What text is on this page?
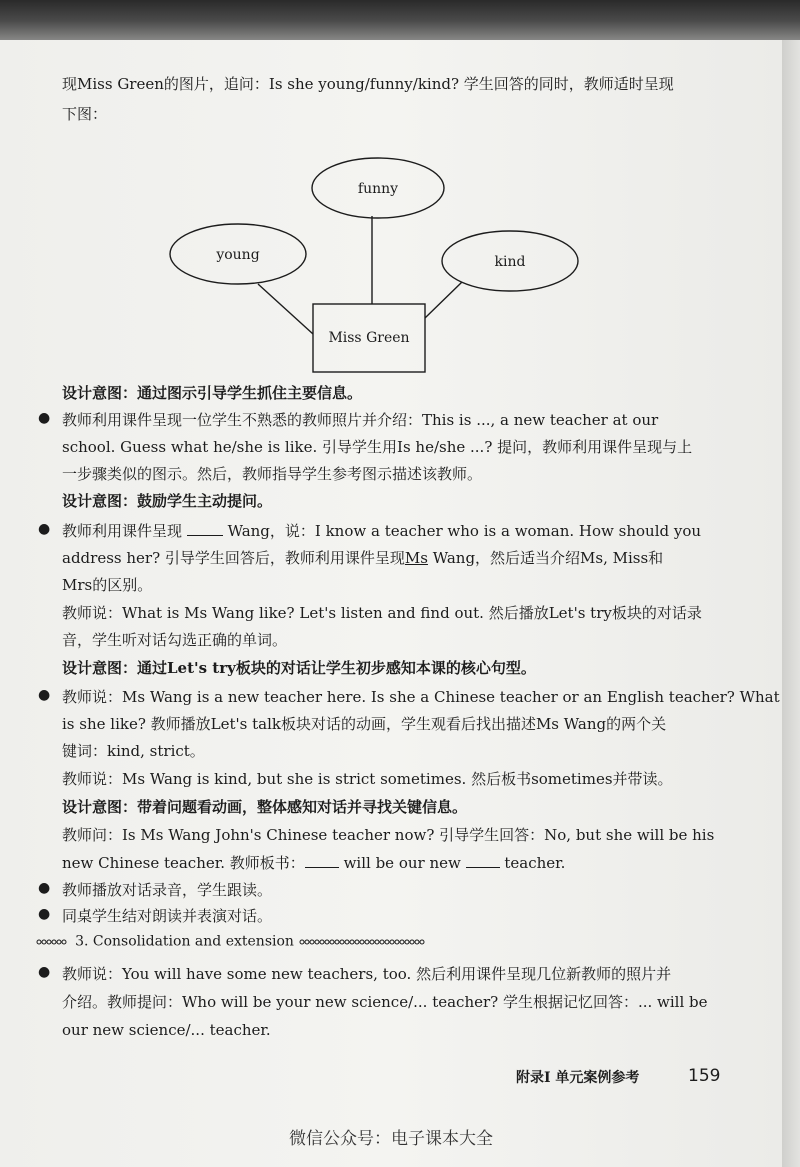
现Miss Green的图片，追问：Is she young/funny/kind? 学生回答的同时，教师适时呈现
下图：
funny
young	kind
Miss Green
设计意图：通过图示引导学生抓住主要信息。
● 教师利用课件呈现一位学生不熟悉的教师照片并介绍：This is ..., a new teacher at our
school. Guess what he/she is like. 引导学生用Is he/she ...? 提问，教师利用课件呈现与上
一步骤类似的图示。然后，教师指导学生参考图示描述该教师。
设计意图：鼓励学生主动提问。
● 教师利用课件呈现	Wang，说：I know a teacher who is a woman. How should you
address her? 引导学生回答后，教师利用课件呈现Ms Wang，然后适当介绍Ms, Miss和
Mrs的区别。
教师说：What is Ms Wang like? Let's listen and find out. 然后播放Let's try板块的对话录
音，学生听对话勾选正确的单词。
设计意图：通过Let's try板块的对话让学生初步感知本课的核心句型。
● 教师说：Ms Wang is a new teacher here. Is she a Chinese teacher or an English teacher? What
is she like? 教师播放Let's talk板块对话的动画，学生观看后找出描述Ms Wang的两个关
键词：kind, strict。
教师说：Ms Wang is kind, but she is strict sometimes. 然后板书sometimes并带读。
设计意图：带着问题看动画，整体感知对话并寻找关键信息。
教师问：Is Ms Wang John's Chinese teacher now? 引导学生回答：No, but she will be his
new Chinese teacher. 教师板书： will be our new  teacher.
● 教师播放对话录音，学生跟读。
● 同桌学生结对朗读并表演对话。
3. Consolidation and extension
● 教师说：You will have some new teachers, too. 然后利用课件呈现几位新教师的照片并
介绍。教师提问：Who will be your new science/... teacher? 学生根据记忆回答：... will be
our new science/... teacher.
附录I 单元案例参考	159
微信公众号：电子课本大全
